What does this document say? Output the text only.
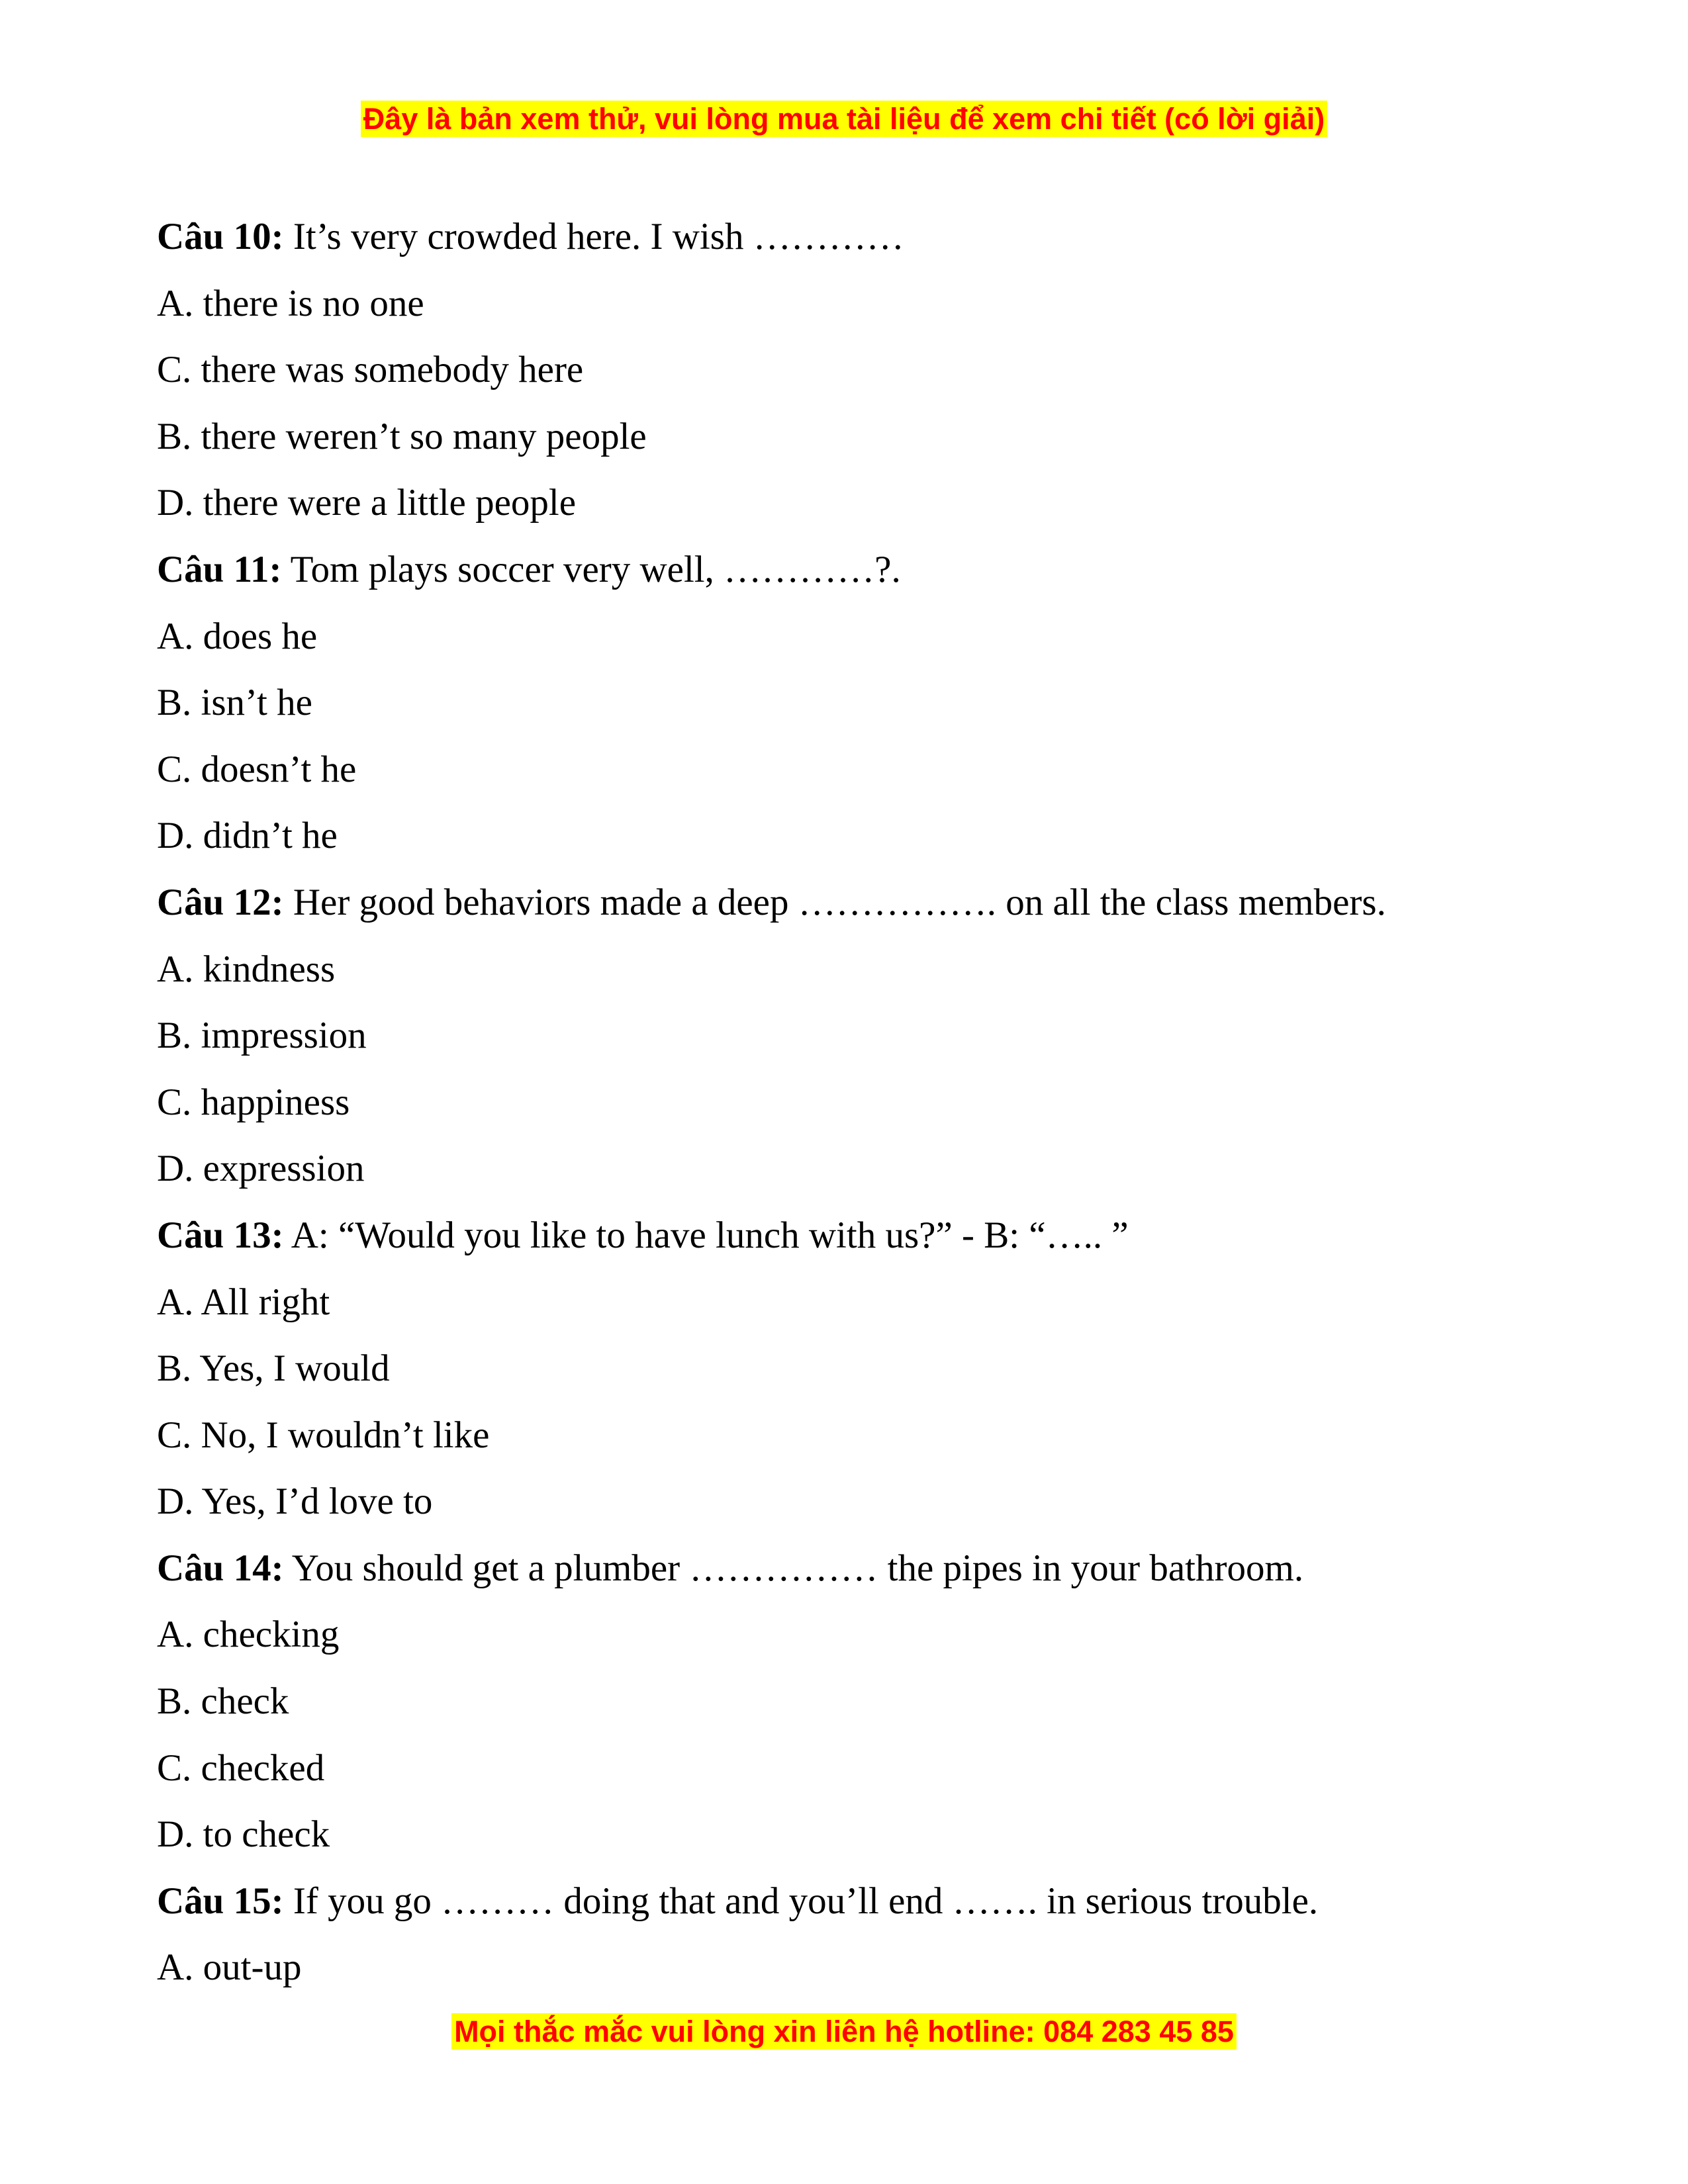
Đây là bản xem thử, vui lòng mua tài liệu để xem chi tiết (có lời giải)
Câu 10: It’s very crowded here. I wish …………
A. there is no one
C. there was somebody here
B. there weren’t so many people
D. there were a little people
Câu 11: Tom plays soccer very well, …………?.
A. does he
B. isn’t he
C. doesn’t he
D. didn’t he
Câu 12: Her good behaviors made a deep ……………. on all the class members.
A. kindness
B. impression
C. happiness
D. expression
Câu 13: A: “Would you like to have lunch with us?” - B: “….. ”
A. All right
B. Yes, I would
C. No, I wouldn’t like
D. Yes, I’d love to
Câu 14: You should get a plumber …………… the pipes in your bathroom.
A. checking
B. check
C. checked
D. to check
Câu 15: If you go ……… doing that and you’ll end ……. in serious trouble.
A. out-up
Mọi thắc mắc vui lòng xin liên hệ hotline: 084 283 45 85
